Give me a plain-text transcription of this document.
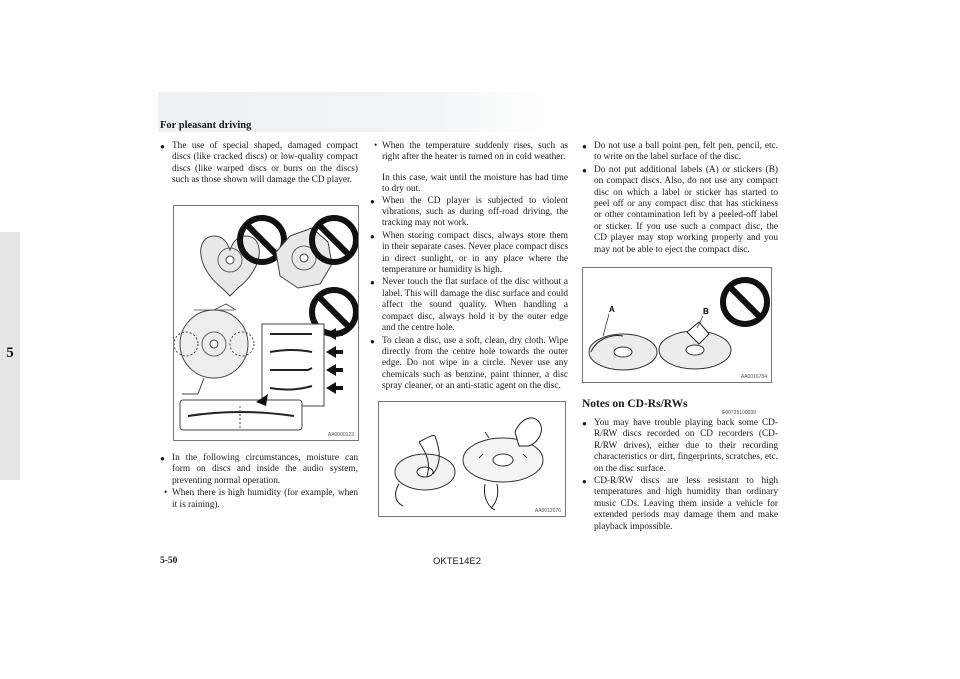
For pleasant driving
5

● The use of special shaped, damaged compact discs (like cracked discs) or low-quality compact discs (like warped discs or burrs on the discs) such as those shown will damage the CD player.

AA0000123

● In the following circumstances, moisture can form on discs and inside the audio system, preventing normal operation.

• When there is high humidity (for example, when it is raining).

• When the temperature suddenly rises, such as right after the heater is turned on in cold weather.

In this case, wait until the moisture has had time to dry out.

● When the CD player is subjected to violent vibrations, such as during off-road driving, the tracking may not work.

● When storing compact discs, always store them in their separate cases. Never place compact discs in direct sunlight, or in any place where the temperature or humidity is high.

● Never touch the flat surface of the disc without a label. This will damage the disc surface and could affect the sound quality. When handling a compact disc, always hold it by the outer edge and the centre hole.

● To clean a disc, use a soft, clean, dry cloth. Wipe directly from the centre hole towards the outer edge. Do not wipe in a circle. Never use any chemicals such as benzine, paint thinner, a disc spray cleaner, or an anti-static agent on the disc.

AA0012076

● Do not use a ball point pen, felt pen, pencil, etc. to write on the label surface of the disc.

● Do not put additional labels (A) or stickers (B) on compact discs. Also, do not use any compact disc on which a label or sticker has started to peel off or any compact disc that has stickiness or other contamination left by a peeled-off label or sticker. If you use such a compact disc, the CD player may stop working properly and you may not be able to eject the compact disc.

A	B
AA0016784
Notes on CD-Rs/RWs
E00725100039

● You may have trouble playing back some CD-R/RW discs recorded on CD recorders (CD-R/RW drives), either due to their recording characteristics or dirt, fingerprints, scratches, etc. on the disc surface.

● CD-R/RW discs are less resistant to high temperatures and high humidity than ordinary music CDs. Leaving them inside a vehicle for extended periods may damage them and make playback impossible.

5-50	OKTE14E2
